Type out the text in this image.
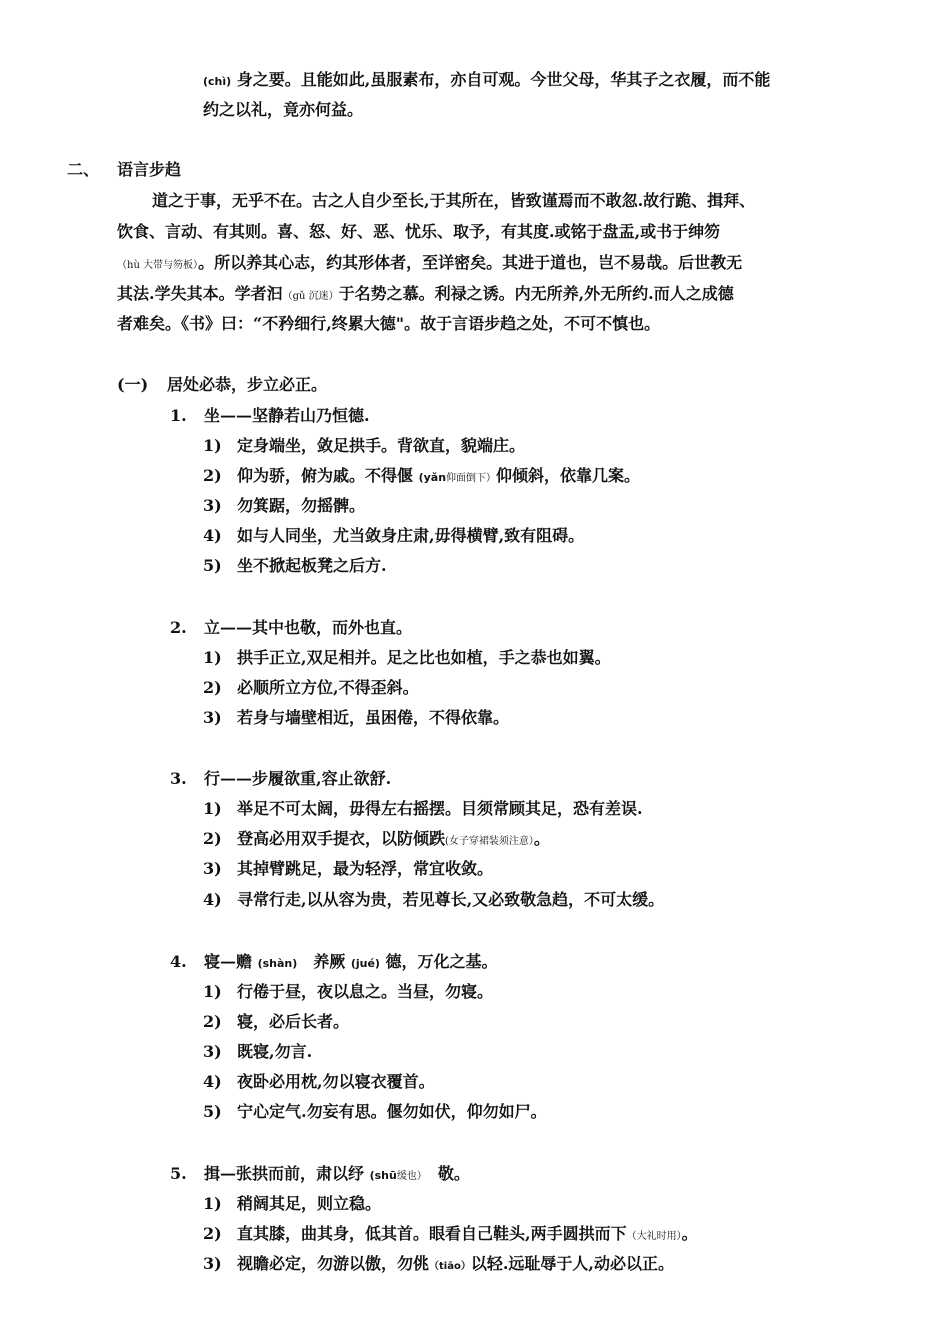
(chì) 身之要。且能如此,虽服素布，亦自可观。今世父母，华其子之衣履，而不能
约之以礼，竟亦何益。
二、 语言步趋
道之于事，无乎不在。古之人自少至长,于其所在，皆致谨焉而不敢忽.故行跪、揖拜、
饮食、言动、有其则。喜、怒、好、恶、忧乐、取予，有其度.或铭于盘盂,或书于绅笏
（hù 大带与笏板）。所以养其心志，约其形体者，至详密矣。其进于道也，岂不易哉。后世教无
其法.学失其本。学者汩（gǔ 沉迷）于名势之慕。利禄之诱。内无所养,外无所约.而人之成德
者难矣。《书》曰：“不矜细行,终累大德"。故于言语步趋之处，不可不慎也。
(一) 居处必恭，步立必正。
1. 坐——坚静若山乃恒德.
1) 定身端坐，敛足拱手。背欲直，貌端庄。
2) 仰为骄，俯为戚。不得偃 (yǎn仰面倒下）仰倾斜，依靠几案。
3) 勿箕踞，勿摇髀。
4) 如与人同坐，尤当敛身庄肃,毋得横臂,致有阻碍。
5) 坐不掀起板凳之后方.
2. 立——其中也敬，而外也直。
1) 拱手正立,双足相并。足之比也如植，手之恭也如翼。
2) 必顺所立方位,不得歪斜。
3) 若身与墙壁相近，虽困倦，不得依靠。
3. 行——步履欲重,容止欲舒.
1) 举足不可太阔，毋得左右摇摆。目须常顾其足，恐有差误.
2) 登高必用双手提衣，以防倾跌(女子穿裙装须注意）。
3) 其掉臂跳足，最为轻浮，常宜收敛。
4) 寻常行走,以从容为贵，若见尊长,又必致敬急趋，不可太缓。
4. 寝—赡 (shàn)　养厥 (jué) 德，万化之基。
1) 行倦于昼，夜以息之。当昼，勿寝。
2) 寝，必后长者。
3) 既寝,勿言.
4) 夜卧必用枕,勿以寝衣覆首。
5) 宁心定气.勿妄有思。偃勿如伏，仰勿如尸。
5. 揖—张拱而前，肃以纾 (shū缓也）　敬。
1) 稍阔其足，则立稳。
2) 直其膝，曲其身，低其首。眼看自己鞋头,两手圆拱而下（大礼时用）。
3) 视瞻必定，勿游以傲，勿佻（tiāo）以轻.远耻辱于人,动必以正。
